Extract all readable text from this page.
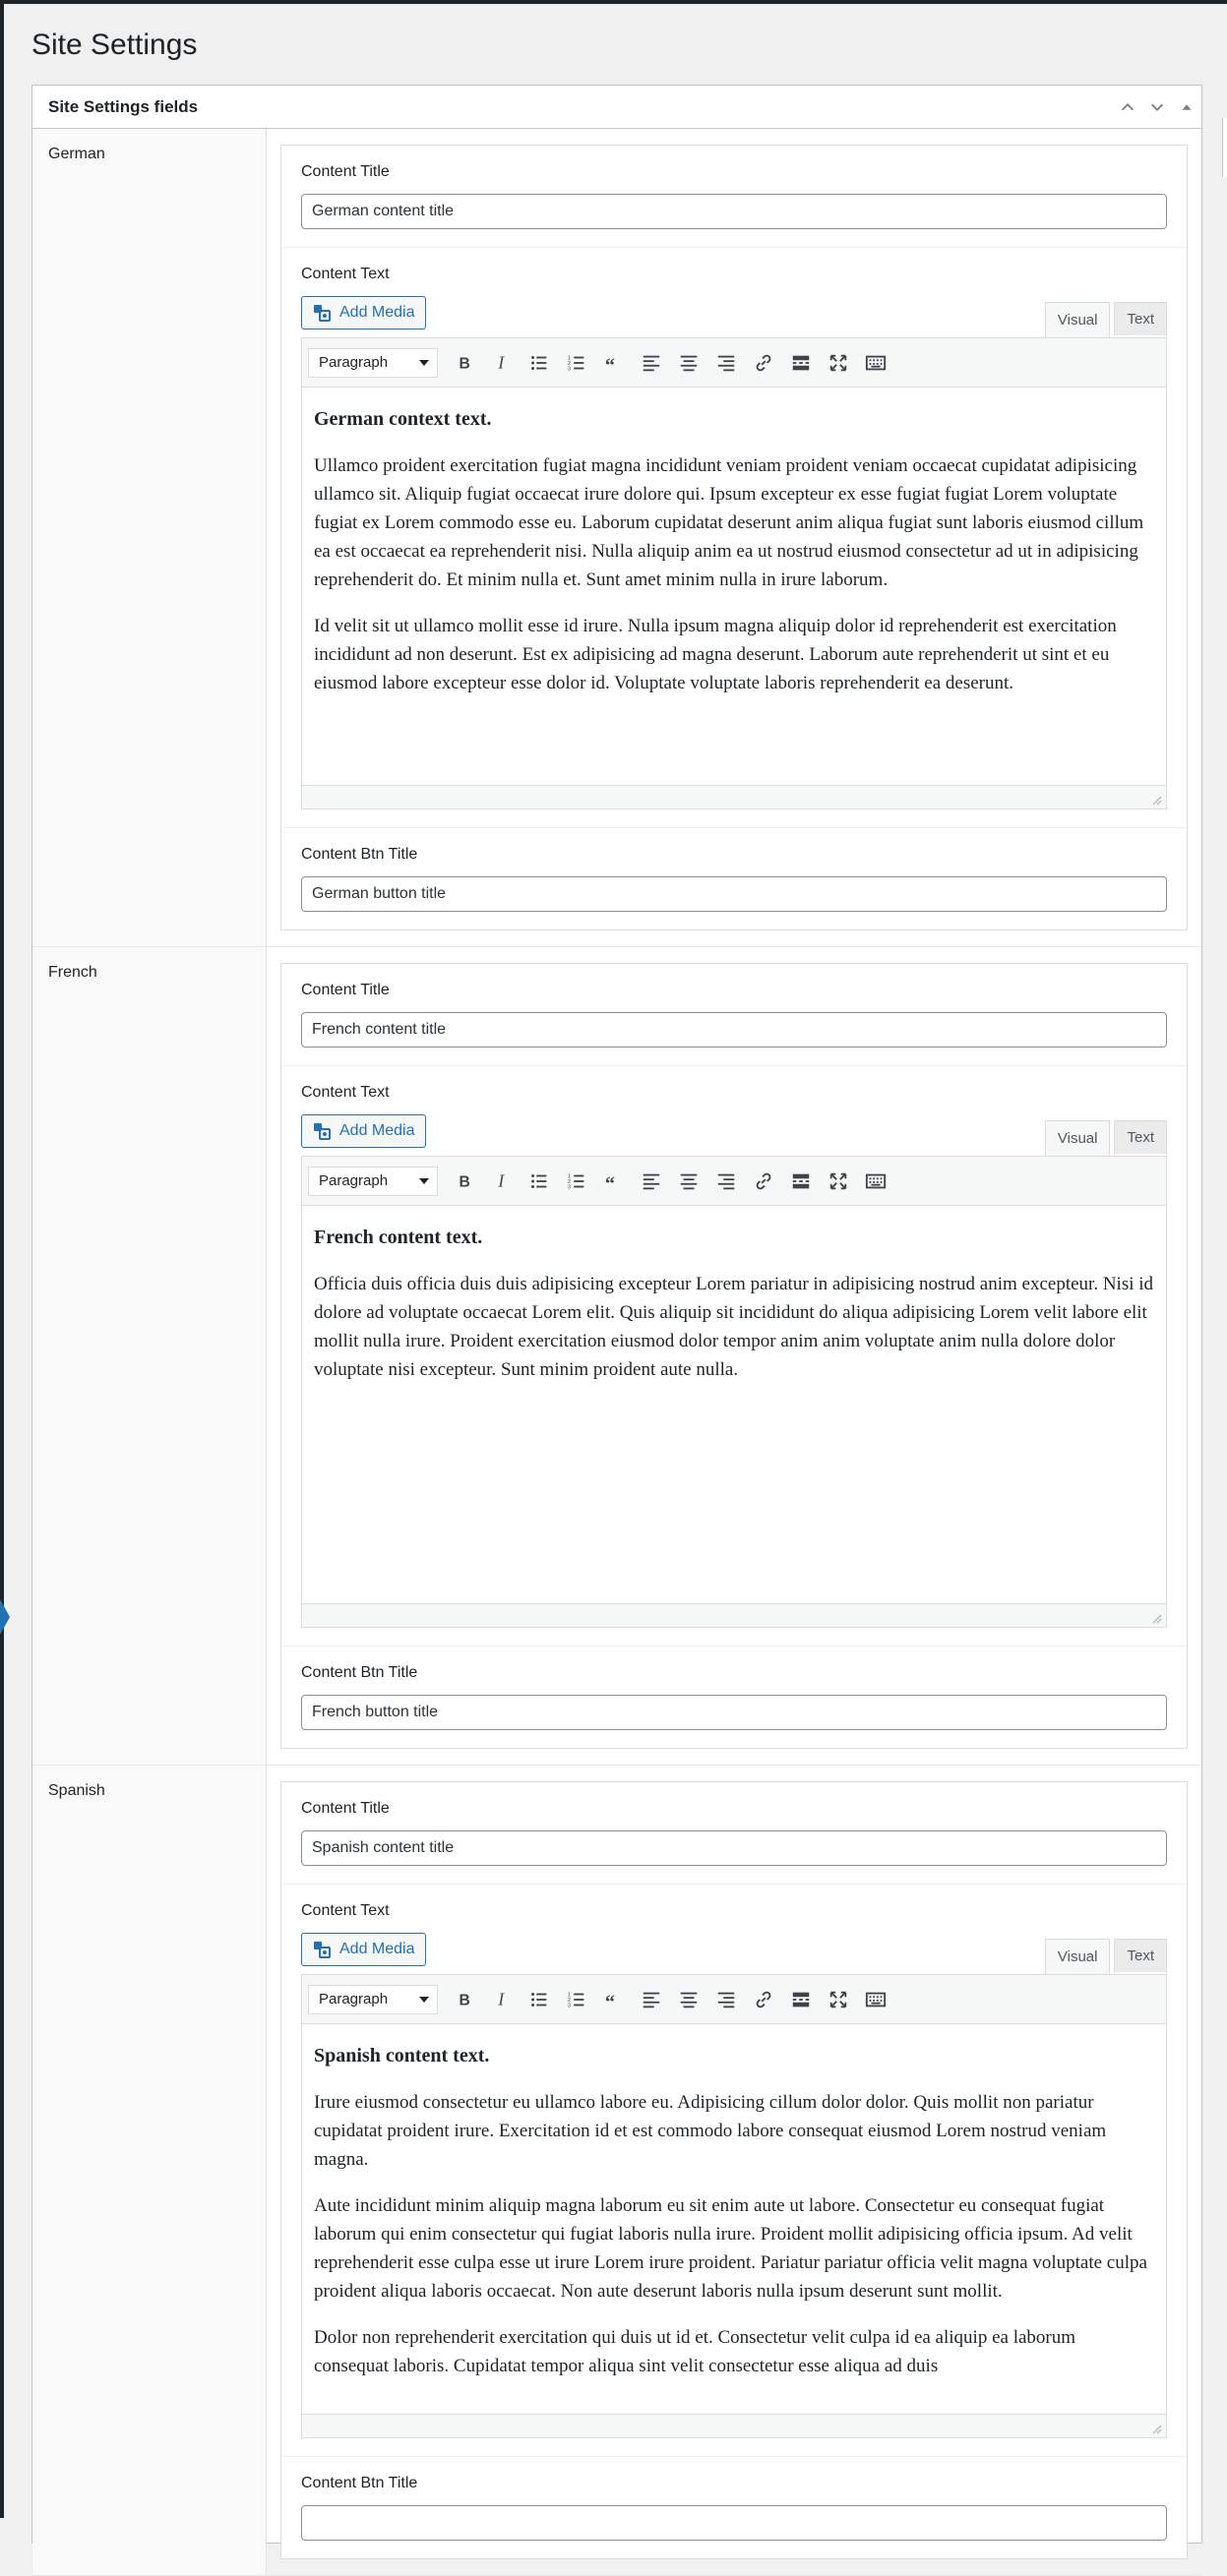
Site Settings
Site Settings fields
German
Content Title
German content title
Content Text
Add Media	Visual	Text
Paragraph	B I	1
2
3 “
German context text.

Ullamco proident exercitation fugiat magna incididunt veniam proident veniam occaecat cupidatat adipisicing ullamco sit. Aliquip fugiat occaecat irure dolore qui. Ipsum excepteur ex esse fugiat fugiat Lorem voluptate fugiat ex Lorem commodo esse eu. Laborum cupidatat deserunt anim aliqua fugiat sunt laboris eiusmod cillum ea est occaecat ea reprehenderit nisi. Nulla aliquip anim ea ut nostrud eiusmod consectetur ad ut in adipisicing reprehenderit do. Et minim nulla et. Sunt amet minim nulla in irure laborum.

Id velit sit ut ullamco mollit esse id irure. Nulla ipsum magna aliquip dolor id reprehenderit est exercitation incididunt ad non deserunt. Est ex adipisicing ad magna deserunt. Laborum aute reprehenderit ut sint et eu eiusmod labore excepteur esse dolor id. Voluptate voluptate laboris reprehenderit ea deserunt.

Content Btn Title
German button title
French
Content Title
French content title
Content Text
Add Media	Visual	Text
Paragraph	B I	1
2
3 “
French content text.

Officia duis officia duis duis adipisicing excepteur Lorem pariatur in adipisicing nostrud anim excepteur. Nisi id dolore ad voluptate occaecat Lorem elit. Quis aliquip sit incididunt do aliqua adipisicing Lorem velit labore elit mollit nulla irure. Proident exercitation eiusmod dolor tempor anim anim voluptate anim nulla dolore dolor voluptate nisi excepteur. Sunt minim proident aute nulla.

Content Btn Title
French button title
Spanish
Content Title
Spanish content title
Content Text
Add Media	Visual	Text
Paragraph	B I	1
2
3 “
Spanish content text.

Irure eiusmod consectetur eu ullamco labore eu. Adipisicing cillum dolor dolor. Quis mollit non pariatur cupidatat proident irure. Exercitation id et est commodo labore consequat eiusmod Lorem nostrud veniam magna.

Aute incididunt minim aliquip magna laborum eu sit enim aute ut labore. Consectetur eu consequat fugiat laborum qui enim consectetur qui fugiat laboris nulla irure. Proident mollit adipisicing officia ipsum. Ad velit reprehenderit esse culpa esse ut irure Lorem irure proident. Pariatur pariatur officia velit magna voluptate culpa proident aliqua laboris occaecat. Non aute deserunt laboris nulla ipsum deserunt sunt mollit.

Dolor non reprehenderit exercitation qui duis ut id et. Consectetur velit culpa id ea aliquip ea laborum consequat laboris. Cupidatat tempor aliqua sint velit consectetur esse aliqua ad duis

Content Btn Title
